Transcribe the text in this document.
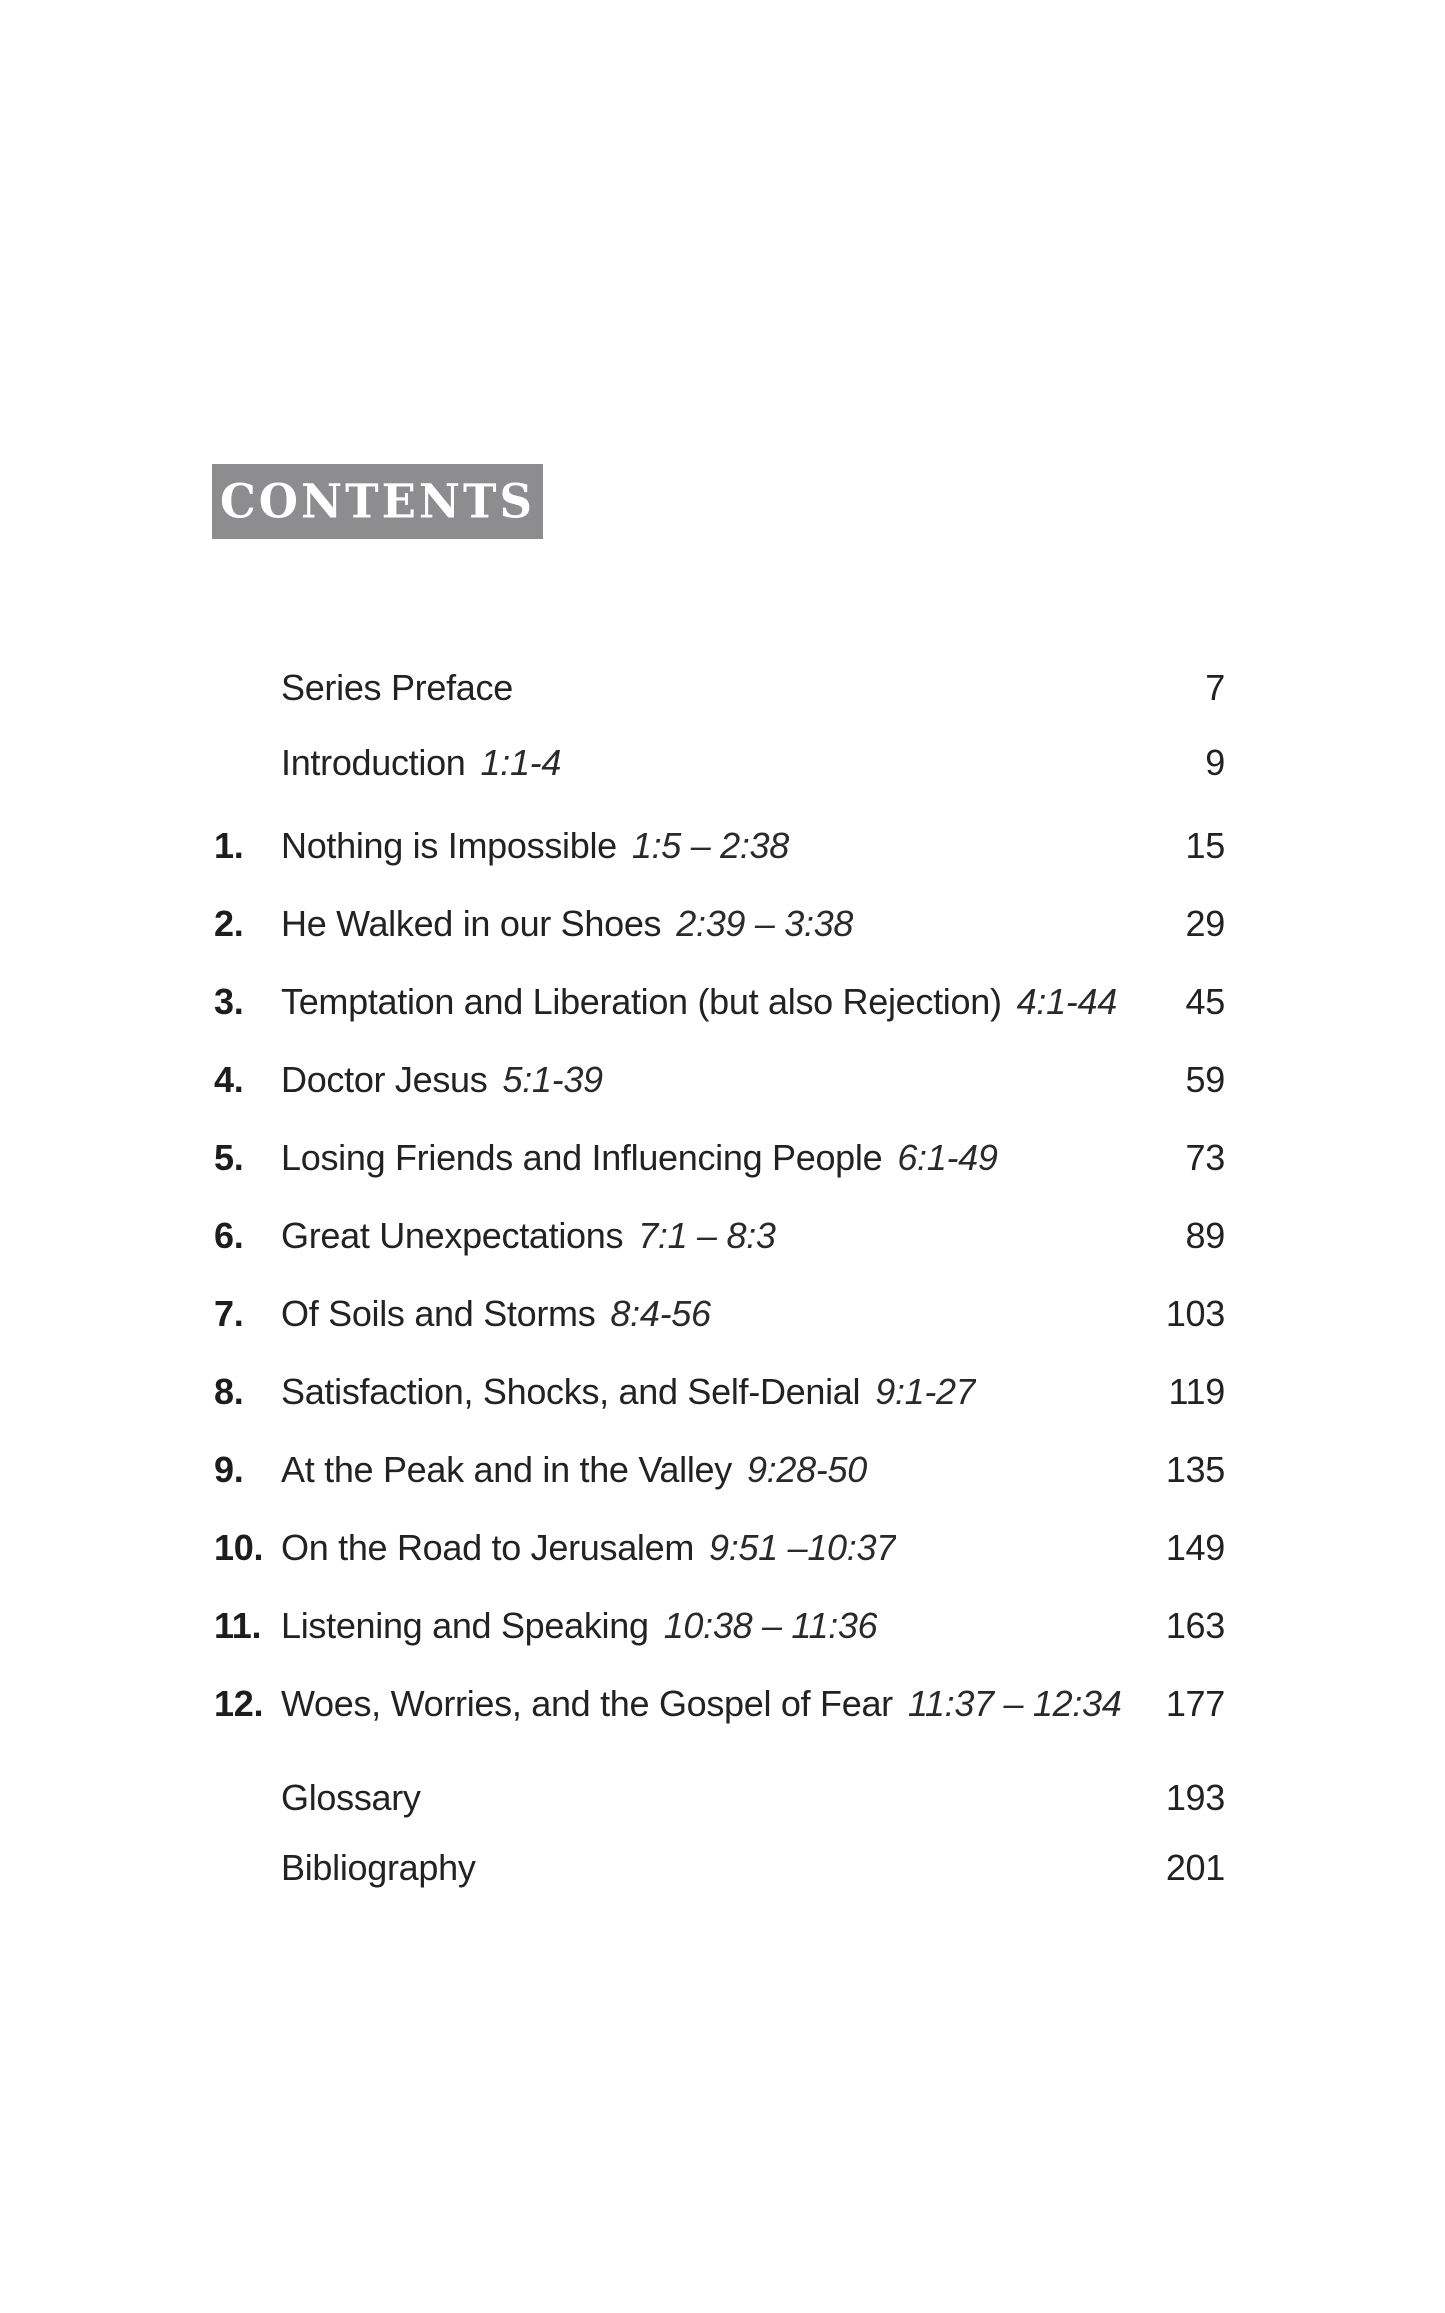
CONTENTS
Series Preface	7
Introduction 1:1-4	9
1.	Nothing is Impossible 1:5 – 2:38	15
2.	He Walked in our Shoes 2:39 – 3:38	29
3.	Temptation and Liberation (but also Rejection) 4:1-44	45
4.	Doctor Jesus 5:1-39	59
5.	Losing Friends and Influencing People 6:1-49	73
6.	Great Unexpectations 7:1 – 8:3	89
7.	Of Soils and Storms 8:4-56	103
8.	Satisfaction, Shocks, and Self-Denial 9:1-27	119
9.	At the Peak and in the Valley 9:28-50	135
10. On the Road to Jerusalem 9:51 –10:37	149
11. Listening and Speaking 10:38 – 11:36	163
12. Woes, Worries, and the Gospel of Fear 11:37 – 12:34	177
Glossary	193
Bibliography	201
